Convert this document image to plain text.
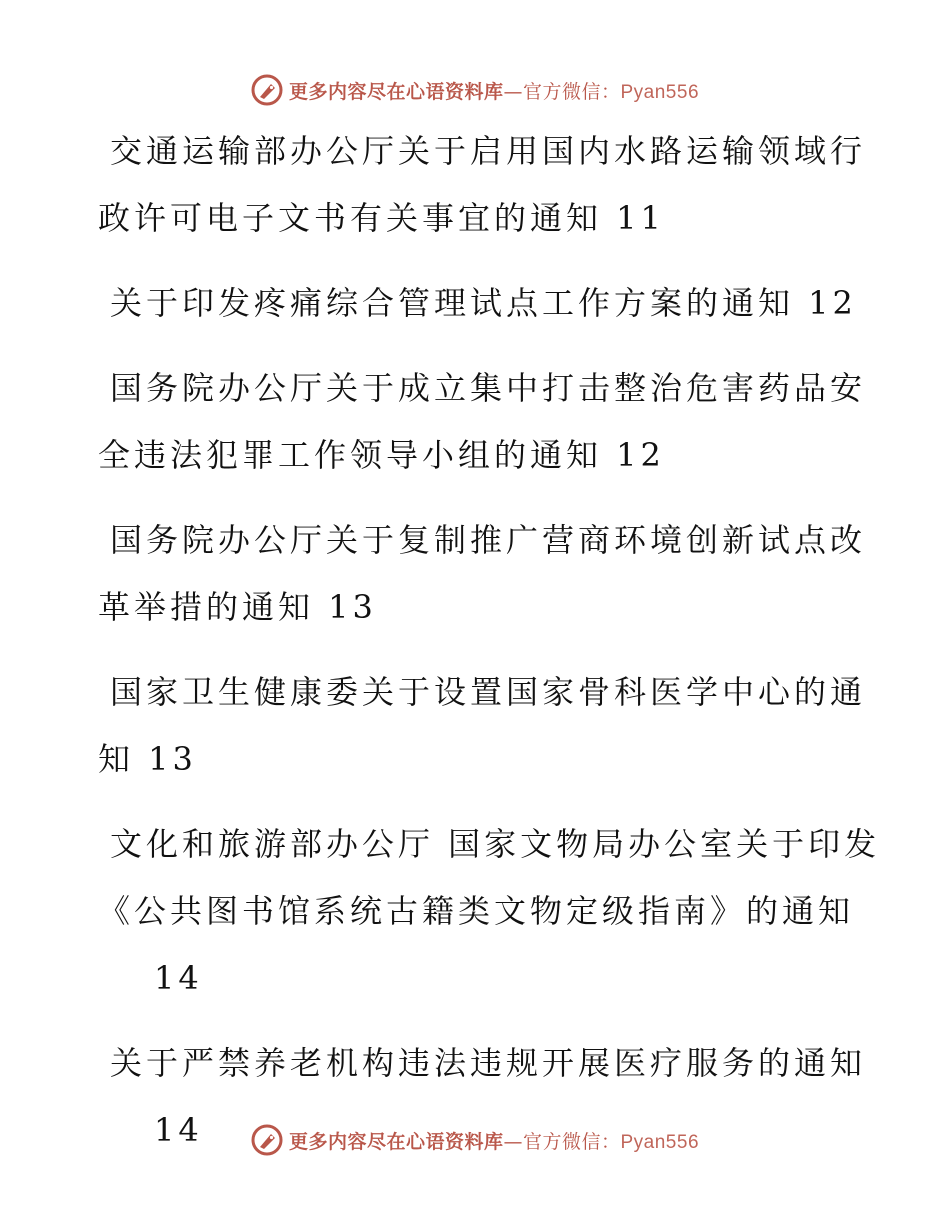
更多内容尽在心语资料库—官方微信：Pyan556
交通运输部办公厅关于启用国内水路运输领域行
政许可电子文书有关事宜的通知 11
关于印发疼痛综合管理试点工作方案的通知 12
国务院办公厅关于成立集中打击整治危害药品安
全违法犯罪工作领导小组的通知 12
国务院办公厅关于复制推广营商环境创新试点改
革举措的通知 13
国家卫生健康委关于设置国家骨科医学中心的通
知 13
文化和旅游部办公厅 国家文物局办公室关于印发
《公共图书馆系统古籍类文物定级指南》的通知
14
关于严禁养老机构违法违规开展医疗服务的通知
14	更多内容尽在心语资料库—官方微信：Pyan556
